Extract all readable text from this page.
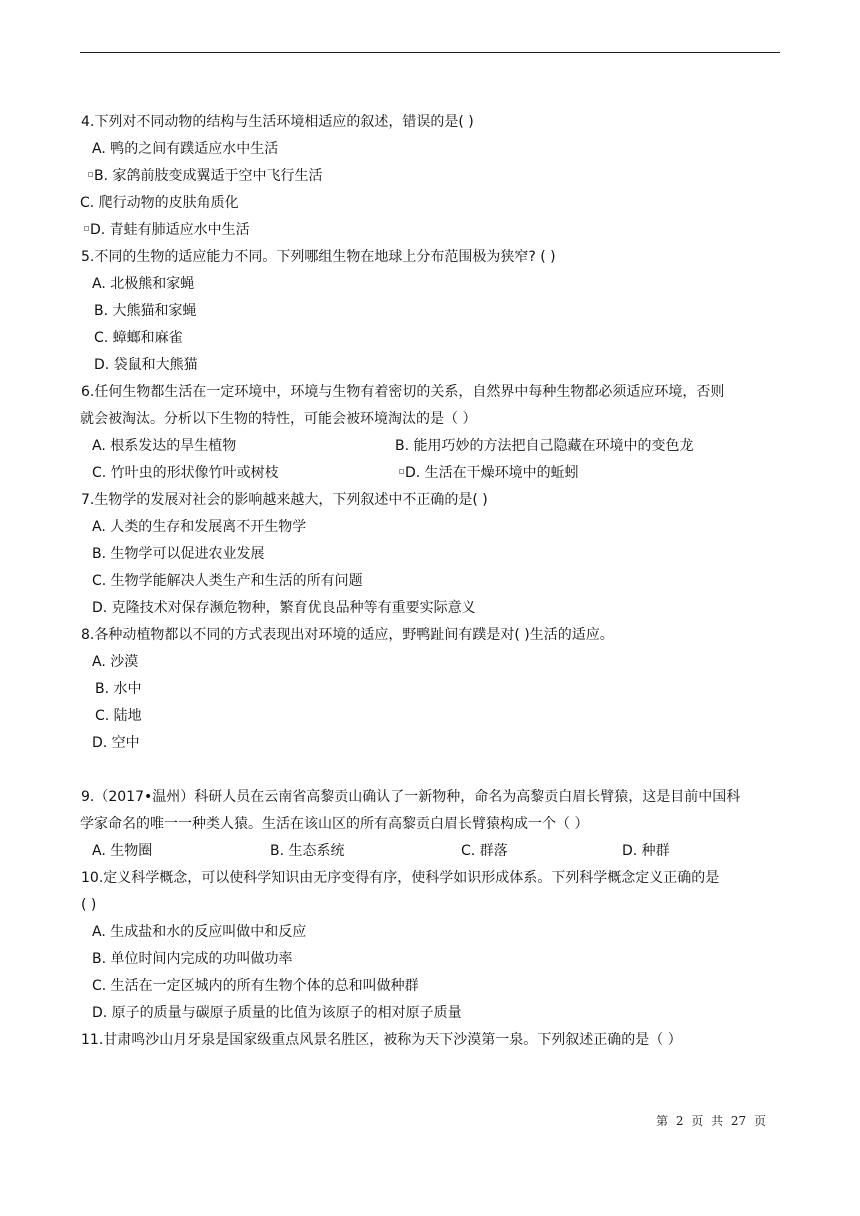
4.下列对不同动物的结构与生活环境相适应的叙述，错误的是( )
A. 鸭的之间有蹼适应水中生活
B. 家鸽前肢变成翼适于空中飞行生活
C. 爬行动物的皮肤角质化
D. 青蛙有肺适应水中生活
5.不同的生物的适应能力不同。下列哪组生物在地球上分布范围极为狭窄? ( )
A. 北极熊和家蝇
B. 大熊猫和家蝇
C. 蟑螂和麻雀
D. 袋鼠和大熊猫
6.任何生物都生活在一定环境中，环境与生物有着密切的关系，自然界中每种生物都必须适应环境，否则
就会被淘汰。分析以下生物的特性，可能会被环境淘汰的是（ ）
A. 根系发达的旱生植物	B. 能用巧妙的方法把自己隐藏在环境中的变色龙
C. 竹叶虫的形状像竹叶或树枝	D. 生活在干燥环境中的蚯蚓
7.生物学的发展对社会的影响越来越大，下列叙述中不正确的是( )
A. 人类的生存和发展离不开生物学
B. 生物学可以促进农业发展
C. 生物学能解决人类生产和生活的所有问题
D. 克隆技术对保存濒危物种，繁育优良品种等有重要实际意义
8.各种动植物都以不同的方式表现出对环境的适应，野鸭趾间有蹼是对( )生活的适应。
A. 沙漠
B. 水中
C. 陆地
D. 空中
9.（2017•温州）科研人员在云南省高黎贡山确认了一新物种，命名为高黎贡白眉长臂猿，这是目前中国科
学家命名的唯一一种类人猿。生活在该山区的所有高黎贡白眉长臂猿构成一个（ ）
A. 生物圈	B. 生态系统	C. 群落	D. 种群
10.定义科学概念，可以使科学知识由无序变得有序，使科学如识形成体系。下列科学概念定义正确的是
( )
A. 生成盐和水的反应叫做中和反应
B. 单位时间内完成的功叫做功率
C. 生活在一定区城内的所有生物个体的总和叫做种群
D. 原子的质量与碳原子质量的比值为该原子的相对原子质量
11.甘肃鸣沙山月牙泉是国家级重点风景名胜区，被称为天下沙漠第一泉。下列叙述正确的是（ ）
第 2 页 共 27 页
